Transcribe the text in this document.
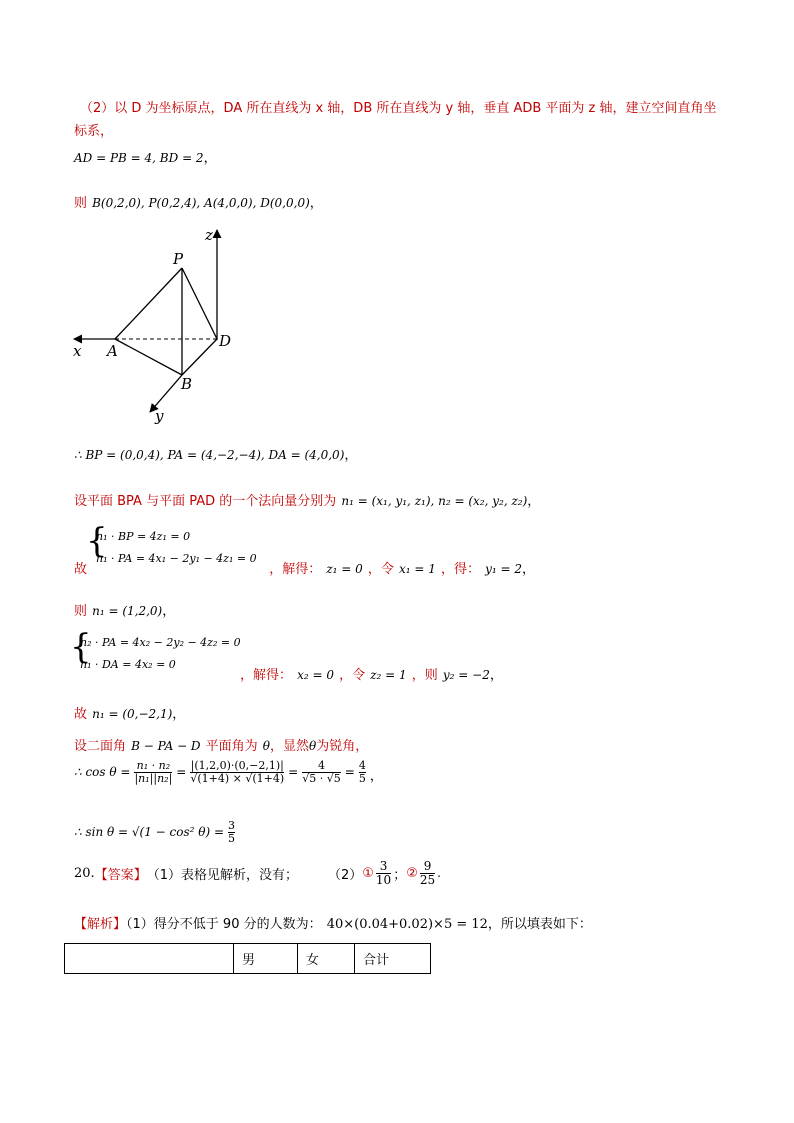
（2）以 D 为坐标原点，DA 所在直线为 x 轴，DB 所在直线为 y 轴，垂直 ADB 平面为 z 轴，建立空间直角坐
标系，
AD = PB = 4, BD = 2，
则 B(0,2,0), P(0,2,4), A(4,0,0), D(0,0,0)，
z
P
x A
D
B
y
∴ BP = (0,0,4), PA = (4,−2,−4), DA = (4,0,0)，
设平面 BPA 与平面 PAD 的一个法向量分别为 n₁ = (x₁, y₁, z₁), n₂ = (x₂, y₂, z₂)，
{
n₁ · BP = 4z₁ = 0
n₁ · PA = 4x₁ − 2y₁ − 4z₁ = 0
故	，解得： z₁ = 0 ，令 x₁ = 1 ，得： y₁ = 2，
则 n₁ = (1,2,0)，
{
n₂ · PA = 4x₂ − 2y₂ − 4z₂ = 0
n₁ · DA = 4x₂ = 0
，解得： x₂ = 0 ，令 z₂ = 1 ，则 y₂ = −2，
故 n₁ = (0,−2,1)，
设二面角 B − PA − D 平面角为 θ，显然θ为锐角，
∴ $\cos \theta = \frac{\text{n₁ · n₂}}{\text{|n₁||n₂|}} = \frac{|(1,2,0)\cdot(0,-2,1)|}{√(1+4) \times √(1+4)} = \frac{4}{√5 \cdot √5} = \frac{4}{5}$ ，
∴ sin θ = √(1 − cos² $\theta) = \frac{3}{5}$
20. 【答案】 （1）表格见解析，没有； （2） ① $\frac{3}{10}$ ； ② $\frac{9}{25}$ .
【解析】（1）得分不低于 90 分的人数为： 40×(0.04+0.02)×5 = 12，所以填表如下：
	男	女	合计
